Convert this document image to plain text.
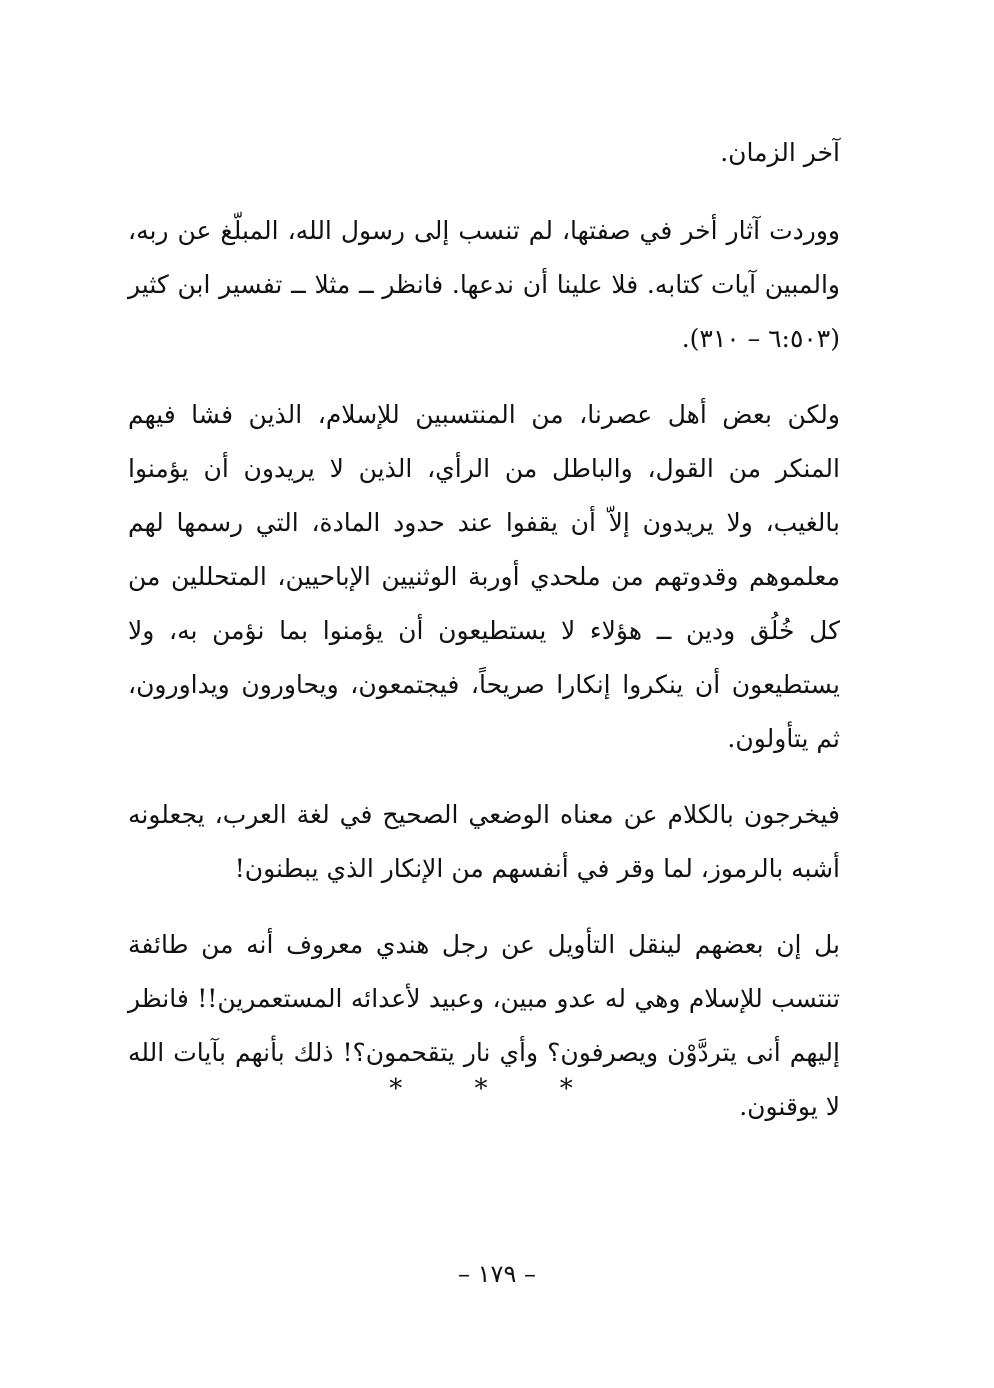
آخر الزمان.

ووردت آثار أخر في صفتها، لم تنسب إلى رسول الله، المبلّغ عن ربه، والمبين آيات كتابه. فلا علينا أن ندعها. فانظر ــ مثلا ــ تفسير ابن كثير (٦:٥٠٣ – ٣١٠).

ولكن بعض أهل عصرنا، من المنتسبين للإسلام، الذين فشا فيهم المنكر من القول، والباطل من الرأي، الذين لا يريدون أن يؤمنوا بالغيب، ولا يريدون إلاّ أن يقفوا عند حدود المادة، التي رسمها لهم معلموهم وقدوتهم من ملحدي أوربة الوثنيين الإباحيين، المتحللين من كل خُلُق ودين ــ هؤلاء لا يستطيعون أن يؤمنوا بما نؤمن به، ولا يستطيعون أن ينكروا إنكارا صريحاً، فيجتمعون، ويحاورون ويداورون، ثم يتأولون.

فيخرجون بالكلام عن معناه الوضعي الصحيح في لغة العرب، يجعلونه أشبه بالرموز، لما وقر في أنفسهم من الإنكار الذي يبطنون!

بل إن بعضهم لينقل التأويل عن رجل هندي معروف أنه من طائفة تنتسب للإسلام وهي له عدو مبين، وعبيد لأعدائه المستعمرين!! فانظر إليهم أنى يتردَّوْن ويصرفون؟ وأي نار يتقحمون؟! ذلك بأنهم بآيات الله لا يوقنون.

* * *
– ١٧٩ –
